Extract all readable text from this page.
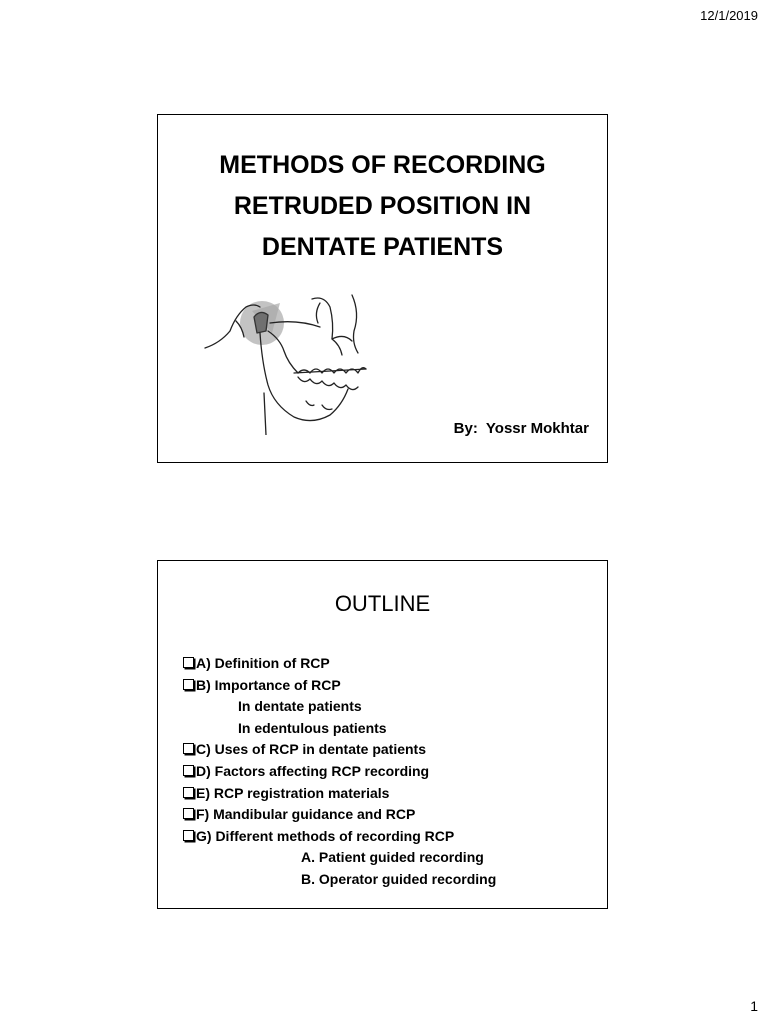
12/1/2019
METHODS OF RECORDING
RETRUDED POSITION IN
DENTATE PATIENTS
By:  Yossr Mokhtar
OUTLINE
A) Definition of RCP
B) Importance of RCP
In dentate patients
In edentulous patients
C) Uses of RCP in dentate patients
D) Factors affecting RCP recording
E) RCP registration materials
F) Mandibular guidance and RCP
G) Different methods of recording RCP
A. Patient guided recording
B. Operator guided recording
1
